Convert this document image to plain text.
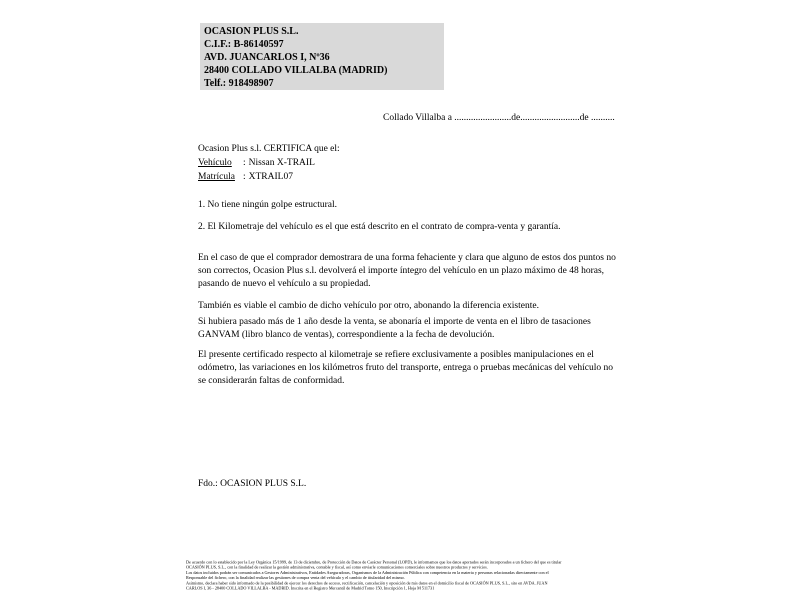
OCASION PLUS S.L.
C.I.F.: B-86140597
AVD. JUANCARLOS I, Nº36
28400 COLLADO VILLALBA (MADRID)
Telf.: 918498907
Collado Villalba a ........................de.........................de ..........
Ocasion Plus s.l. CERTIFICA que el:
Vehículo : Nissan X-TRAIL
Matrícula : XTRAIL07
1. No tiene ningún golpe estructural.
2. El Kilometraje del vehículo es el que está descrito en el contrato de compra-venta y garantía.
En el caso de que el comprador demostrara de una forma fehaciente y clara que alguno de estos dos puntos no
son correctos, Ocasion Plus s.l. devolverá el importe íntegro del vehículo en un plazo máximo de 48 horas,
pasando de nuevo el vehículo a su propiedad.
También es viable el cambio de dicho vehículo por otro, abonando la diferencia existente.
Si hubiera pasado más de 1 año desde la venta, se abonaría el importe de venta en el libro de tasaciones
GANVAM (libro blanco de ventas), correspondiente a la fecha de devolución.
El presente certificado respecto al kilometraje se refiere exclusivamente a posibles manipulaciones en el
odómetro, las variaciones en los kilómetros fruto del transporte, entrega o pruebas mecánicas del vehículo no
se considerarán faltas de conformidad.
Fdo.: OCASION PLUS S.L.
De acuerdo con lo establecido por la Ley Orgánica 15/1999, de 13 de diciembre, de Protección de Datos de Carácter Personal (LOPD), le informamos que los datos aportados serán incorporados a un fichero del que es titular
OCASIÓN PLUS, S.L., con la finalidad de realizar la gestión administrativa, contable y fiscal, así como enviarle comunicaciones comerciales sobre nuestros productos y servicios.
Los datos incluidos podrán ser comunicados a Gestores Administrativos, Entidades Aseguradoras, Organismos de la Administración Pública con competencia en la materia y personas relacionadas directamente con el
Responsable del fichero, con la finalidad realizar las gestiones de compra venta del vehículo y el cambio de titularidad del mismo.
Asimismo, declara haber sido informado de la posibilidad de ejercer los derechos de acceso, rectificación, cancelación y oposición de mis datos en el domicilio fiscal de OCASIÓN PLUS, S.L., sito en AVDA. JUAN
CARLOS I, 36 - 28400 COLLADO VILLALBA - MADRID. Inscrita en el Registro Mercantil de Madrid Tomo 150, Inscripción 1, Hoja M 511731
